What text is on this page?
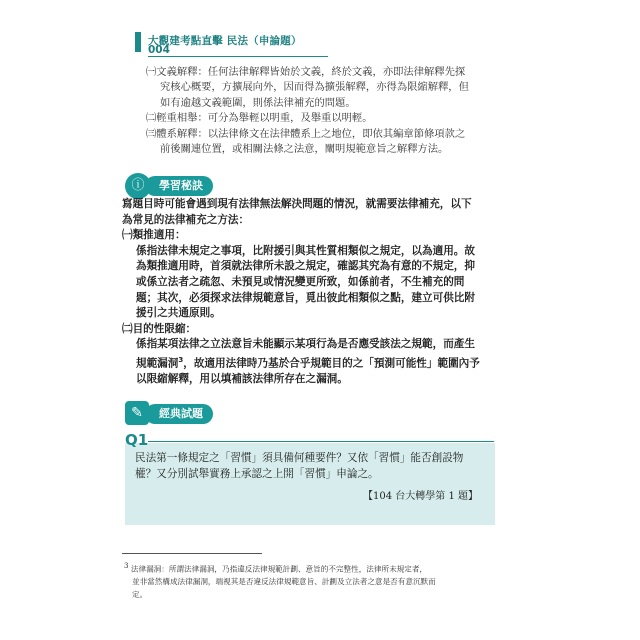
大觀建考點直擊 民法（申論題）
004
㈠文義解釋：任何法律解釋皆始於文義，終於文義，亦即法律解釋先探
究核心概要，方擴展向外，因而得為擴張解釋，亦得為限縮解釋，但
如有逾越文義範圍，則係法律補充的問題。
㈡輕重相舉：可分為舉輕以明重，及舉重以明輕。
㈢體系解釋：以法律條文在法律體系上之地位，即依其編章節條項款之
前後關連位置，或相關法條之法意，闡明規範意旨之解釋方法。
學習秘訣
ⓘ

寫題目時可能會遇到現有法律無法解決問題的情況，就需要法律補充，以下

為常見的法律補充之方法：

㈠類推適用：

係指法律未規定之事項，比附援引與其性質相類似之規定，以為適用。故
為類推適用時，首須就法律所未設之規定，確認其究為有意的不規定，抑
或係立法者之疏忽、未預見或情況變更所致，如係前者，不生補充的問
題；其次，必須探求法律規範意旨，覓出彼此相類似之點，建立可供比附
援引之共通原則。

㈡目的性限縮：

係指某項法律之立法意旨未能顯示某項行為是否應受該法之規範，而產生
規範漏洞$^3$，故適用法律時乃基於合乎規範目的之「預測可能性」範圍內予
以限縮解釋，用以填補該法律所存在之漏洞。
經典試題
✎
Q1
民法第一條規定之「習慣」須具備何種要件？又依「習慣」能否創設物
權？又分別試舉實務上承認之上開「習慣」申論之。
【104 台大轉學第 1 題】
$^3$ 法律漏洞：所謂法律漏洞，乃指違反法律規範計劃、意旨的不完整性，法律所未規定者，
並非當然構成法律漏洞，端視其是否違反法律規範意旨、計劃及立法者之意是否有意沉默而
定。
